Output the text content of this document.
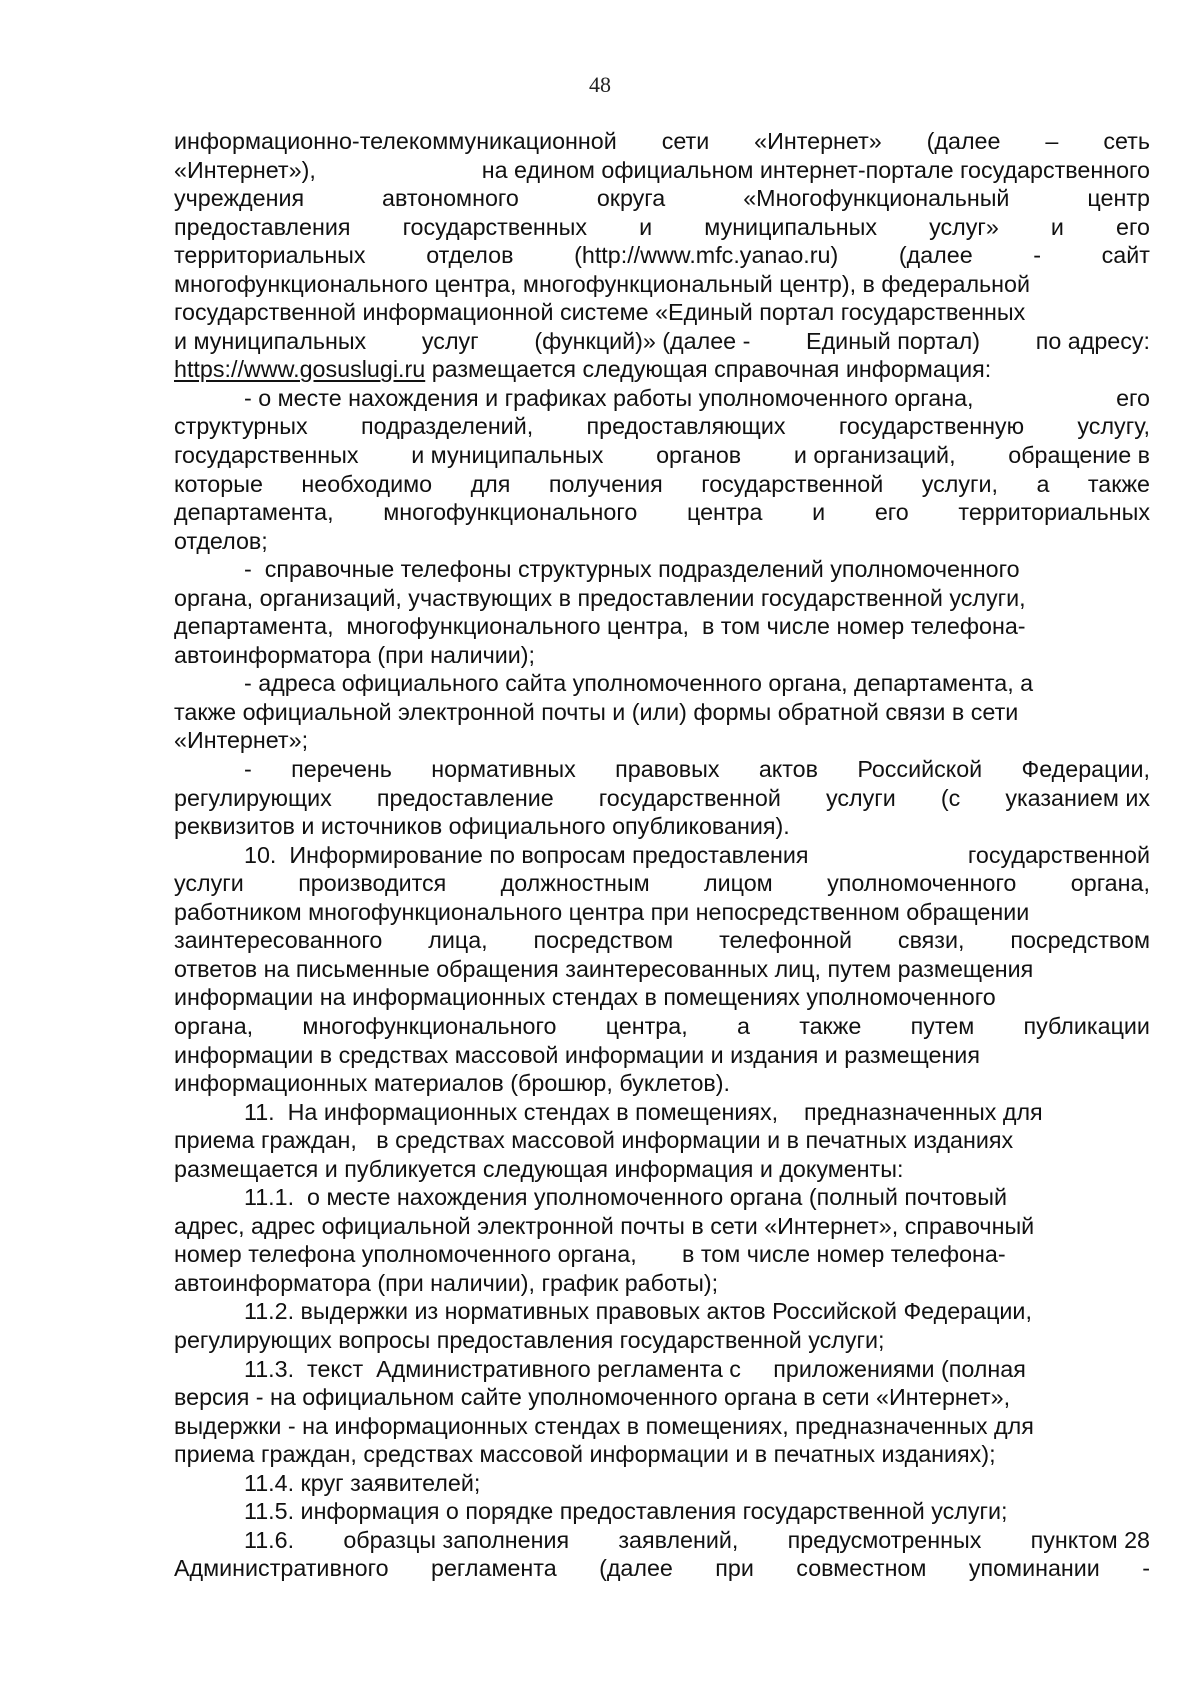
48
информационно-телекоммуникационной сети «Интернет» (далее – сеть
«Интернет»),	на едином официальном интернет-портале государственного
учреждения	автономного	округа	«Многофункциональный	центр
предоставления государственных и муниципальных услуг» и его
территориальных	отделов	(http://www.mfc.yanao.ru)	(далее	-	сайт
многофункционального центра, многофункциональный центр), в федеральной
государственной информационной системе «Единый портал государственных
и муниципальных услуг (функций)» (далее - Единый портал) по адресу:
https://www.gosuslugi.ru размещается следующая справочная информация:
- о месте нахождения и графиках работы уполномоченного органа,	его
структурных подразделений, предоставляющих государственную услугу,
государственных и муниципальных органов и организаций, обращение в
которые необходимо для получения государственной услуги, а также
департамента, многофункционального центра и его территориальных
отделов;
-  справочные телефоны структурных подразделений уполномоченного
органа, организаций, участвующих в предоставлении государственной услуги,
департамента,  многофункционального центра,  в том числе номер телефона-
автоинформатора (при наличии);
- адреса официального сайта уполномоченного органа, департамента, а
также официальной электронной почты и (или) формы обратной связи в сети
«Интернет»;
- перечень нормативных правовых актов Российской Федерации,
регулирующих предоставление государственной услуги (с указанием их
реквизитов и источников официального опубликования).
10.  Информирование по вопросам предоставления	государственной
услуги производится должностным лицом уполномоченного органа,
работником многофункционального центра при непосредственном обращении
заинтересованного лица, посредством телефонной связи, посредством
ответов на письменные обращения заинтересованных лиц, путем размещения
информации на информационных стендах в помещениях уполномоченного
органа, многофункционального центра, а также путем публикации
информации в средствах массовой информации и издания и размещения
информационных материалов (брошюр, буклетов).
11.  На информационных стендах в помещениях,    предназначенных для
приема граждан,   в средствах массовой информации и в печатных изданиях
размещается и публикуется следующая информация и документы:
11.1.  о месте нахождения уполномоченного органа (полный почтовый
адрес, адрес официальной электронной почты в сети «Интернет», справочный
номер телефона уполномоченного органа,       в том числе номер телефона-
автоинформатора (при наличии), график работы);
11.2. выдержки из нормативных правовых актов Российской Федерации,
регулирующих вопросы предоставления государственной услуги;
11.3.  текст  Административного регламента с     приложениями (полная
версия - на официальном сайте уполномоченного органа в сети «Интернет»,
выдержки - на информационных стендах в помещениях, предназначенных для
приема граждан, средствах массовой информации и в печатных изданиях);
11.4. круг заявителей;
11.5. информация о порядке предоставления государственной услуги;
11.6. образцы заполнения заявлений, предусмотренных пунктом 28
Административного регламента (далее при совместном упоминании -
